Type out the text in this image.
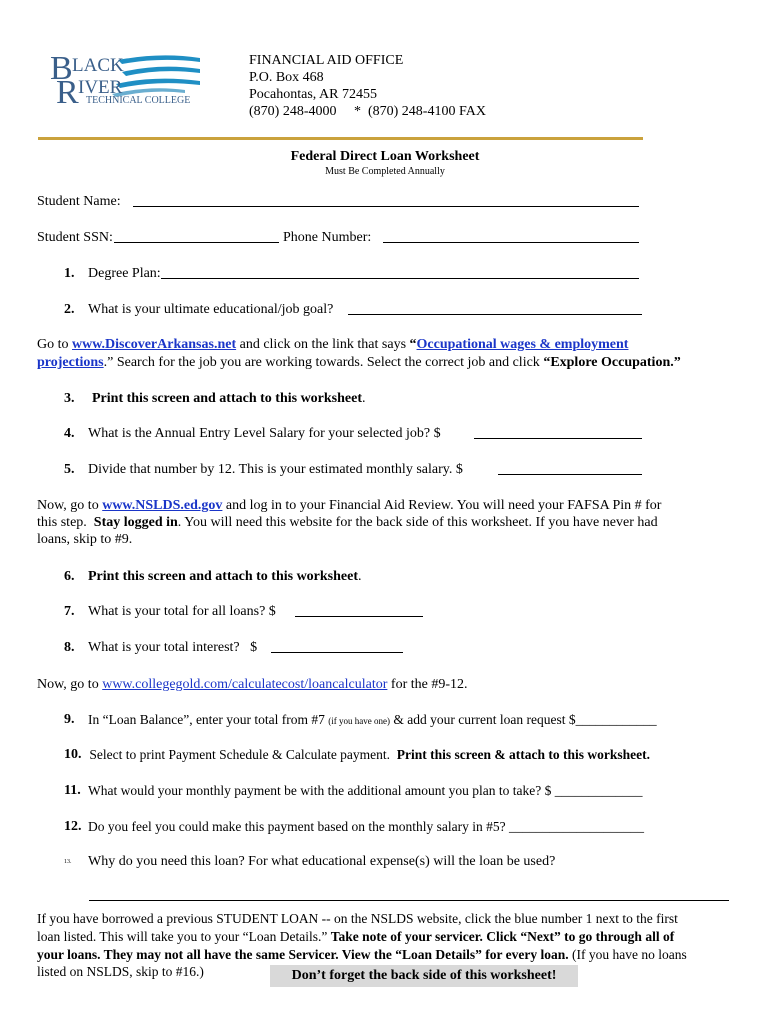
B LACK
R IVER
TECHNICAL COLLEGE
FINANCIAL AID OFFICE
P.O. Box 468
Pocahontas, AR 72455
(870) 248-4000     *  (870) 248-4100 FAX
Federal Direct Loan Worksheet
Must Be Completed Annually
Student Name:
Student SSN:	Phone Number:
1. Degree Plan:
2. What is your ultimate educational/job goal?
Go to www.DiscoverArkansas.net and click on the link that says “Occupational wages & employment
projections.” Search for the job you are working towards. Select the correct job and click “Explore Occupation.”
3. Print this screen and attach to this worksheet.
4. What is the Annual Entry Level Salary for your selected job? $
5. Divide that number by 12. This is your estimated monthly salary. $
Now, go to www.NSLDS.ed.gov and log in to your Financial Aid Review. You will need your FAFSA Pin # for
this step.  Stay logged in. You will need this website for the back side of this worksheet. If you have never had
loans, skip to #9.
6. Print this screen and attach to this worksheet.
7. What is your total for all loans? $
8. What is your total interest?   $
Now, go to www.collegegold.com/calculatecost/loancalculator for the #9-12.
9. In “Loan Balance”, enter your total from #7 (if you have one) & add your current loan request $____________
10. Select to print Payment Schedule & Calculate payment.  Print this screen & attach to this worksheet.
11. What would your monthly payment be with the additional amount you plan to take? $ _____________
12. Do you feel you could make this payment based on the monthly salary in #5? ____________________
13. Why do you need this loan? For what educational expense(s) will the loan be used?
If you have borrowed a previous STUDENT LOAN -- on the NSLDS website, click the blue number 1 next to the first
loan listed. This will take you to your “Loan Details.” Take note of your servicer. Click “Next” to go through all of
your loans. They may not all have the same Servicer. View the “Loan Details” for every loan. (If you have no loans
listed on NSLDS, skip to #16.)	Don’t forget the back side of this worksheet!
